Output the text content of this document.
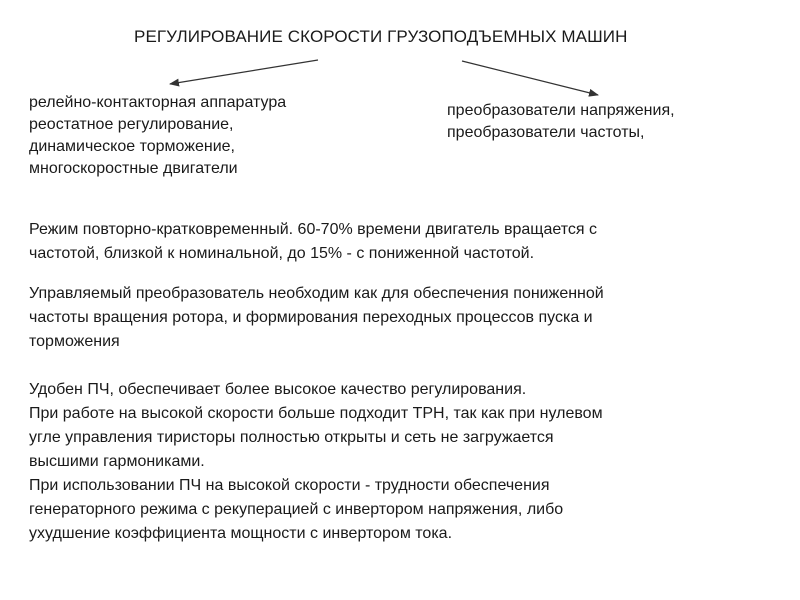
РЕГУЛИРОВАНИЕ СКОРОСТИ ГРУЗОПОДЪЕМНЫХ МАШИН
релейно-контакторная аппаратура
реостатное регулирование,
динамическое торможение,
многоскоростные двигатели
преобразователи напряжения,
преобразователи частоты,
Режим повторно-кратковременный. 60-70% времени двигатель вращается с
частотой, близкой к номинальной, до 15% - с пониженной частотой.
Управляемый преобразователь необходим как для обеспечения пониженной
частоты вращения ротора, и формирования переходных процессов пуска и
торможения
Удобен ПЧ, обеспечивает более высокое качество регулирования.
При работе на высокой скорости больше подходит ТРН, так как при нулевом
угле управления тиристоры полностью открыты и сеть не загружается
высшими гармониками.
При использовании ПЧ на высокой скорости - трудности обеспечения
генераторного режима с рекуперацией с инвертором напряжения, либо
ухудшение коэффициента мощности с инвертором тока.
